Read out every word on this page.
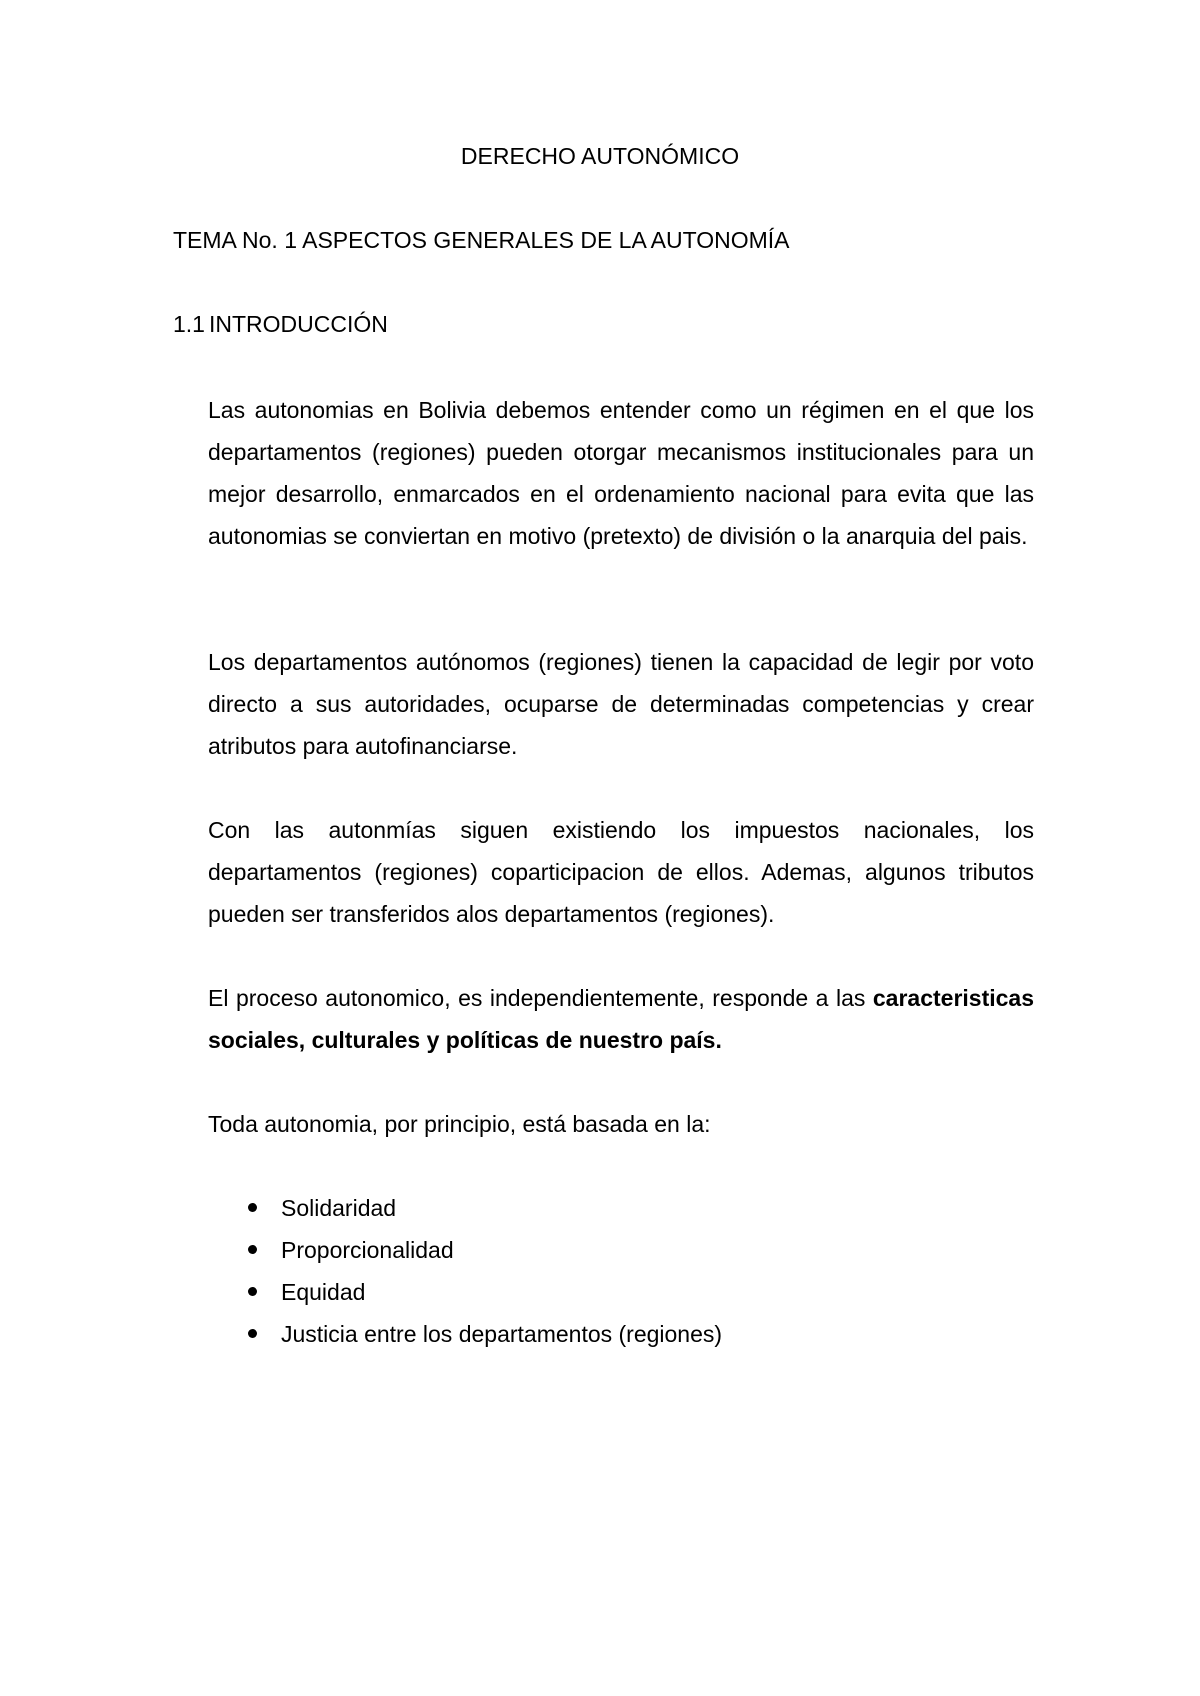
DERECHO AUTONÓMICO
TEMA No. 1 ASPECTOS GENERALES DE LA AUTONOMÍA
1.1 INTRODUCCIÓN

Las autonomias en Bolivia debemos entender como un régimen en el que los departamentos (regiones) pueden otorgar mecanismos institucionales para un mejor desarrollo, enmarcados en el ordenamiento nacional para evita que las autonomias se conviertan en motivo (pretexto) de división o la anarquia del pais.

Los departamentos autónomos (regiones) tienen la capacidad de legir por voto directo a sus autoridades, ocuparse de determinadas competencias y crear atributos para autofinanciarse.

Con las autonmías siguen existiendo los impuestos nacionales, los departamentos (regiones) coparticipacion de ellos. Ademas, algunos tributos pueden ser transferidos alos departamentos (regiones).

El proceso autonomico, es independientemente, responde a las caracteristicas sociales, culturales y políticas de nuestro país.

Toda autonomia, por principio, está basada en la:

Solidaridad
Proporcionalidad
Equidad
Justicia entre los departamentos (regiones)
